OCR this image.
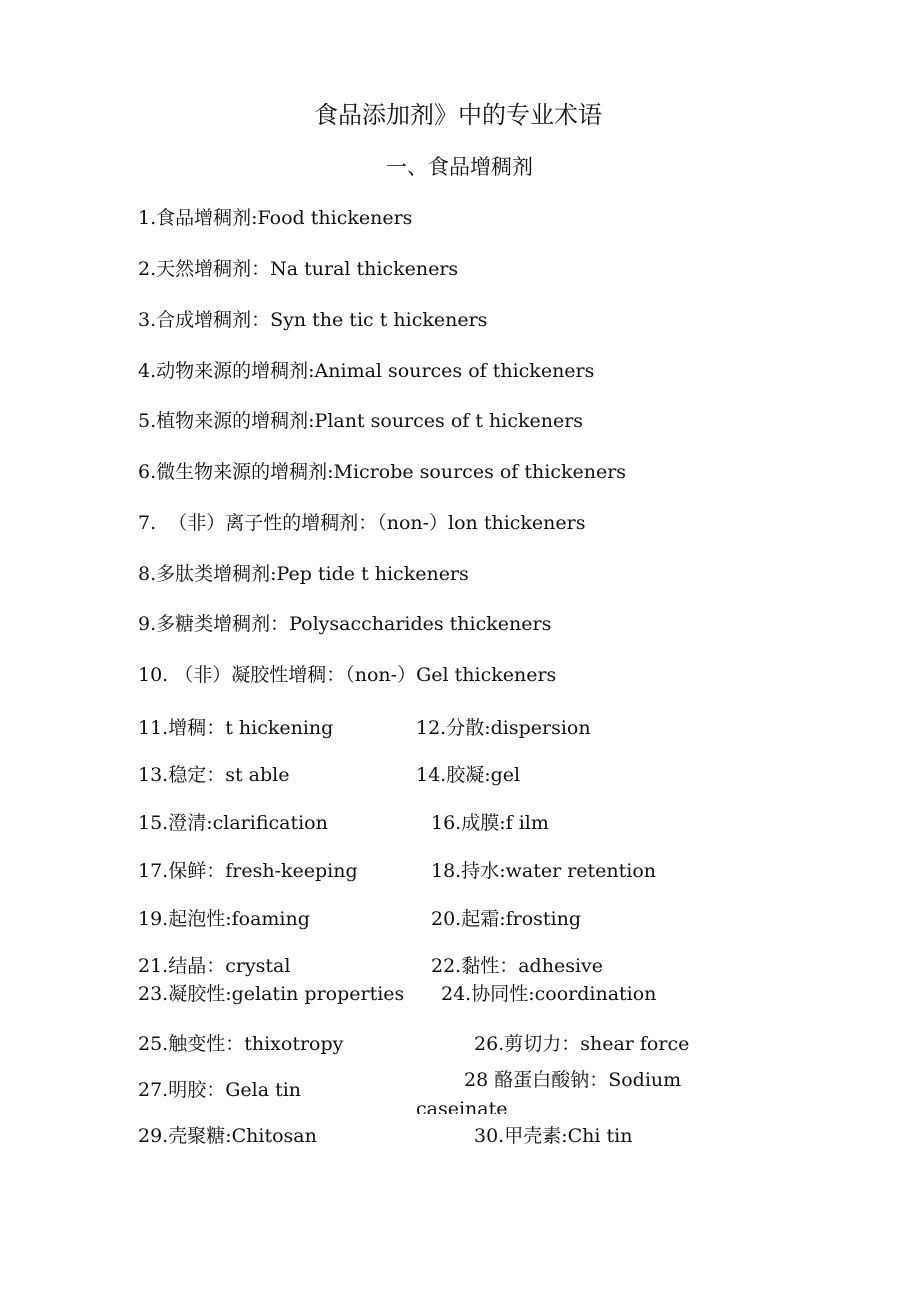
食品添加剂》中的专业术语
一、食品增稠剂
1.食品增稠剂:Food thickeners
2.天然增稠剂：Na tural thickeners
3.合成增稠剂：Syn the tic t hickeners
4.动物来源的增稠剂:Animal sources of thickeners
5.植物来源的增稠剂:Plant sources of t hickeners
6.微生物来源的增稠剂:Microbe sources of thickeners
7.  （非）离子性的增稠剂：（non-）lon thickeners
8.多肽类增稠剂:Pep tide t hickeners
9.多糖类增稠剂：Polysaccharides thickeners
10. （非）凝胶性增稠：（non-）Gel thickeners
11.增稠：t hickening	12.分散:dispersion
13.稳定：st able	14.胶凝:gel
15.澄清:clarification	16.成膜:f ilm
17.保鲜：fresh-keeping	18.持水:water retention
19.起泡性:foaming	20.起霜:frosting
21.结晶：crystal	22.黏性：adhesive
23.凝胶性:gelatin properties 24.协同性:coordination
25.触变性：thixotropy	26.剪切力：shear force
27.明胶：Gela tin	28 酪蛋白酸钠：Sodium
caseinate
29.壳聚糖:Chitosan	30.甲壳素:Chi tin
